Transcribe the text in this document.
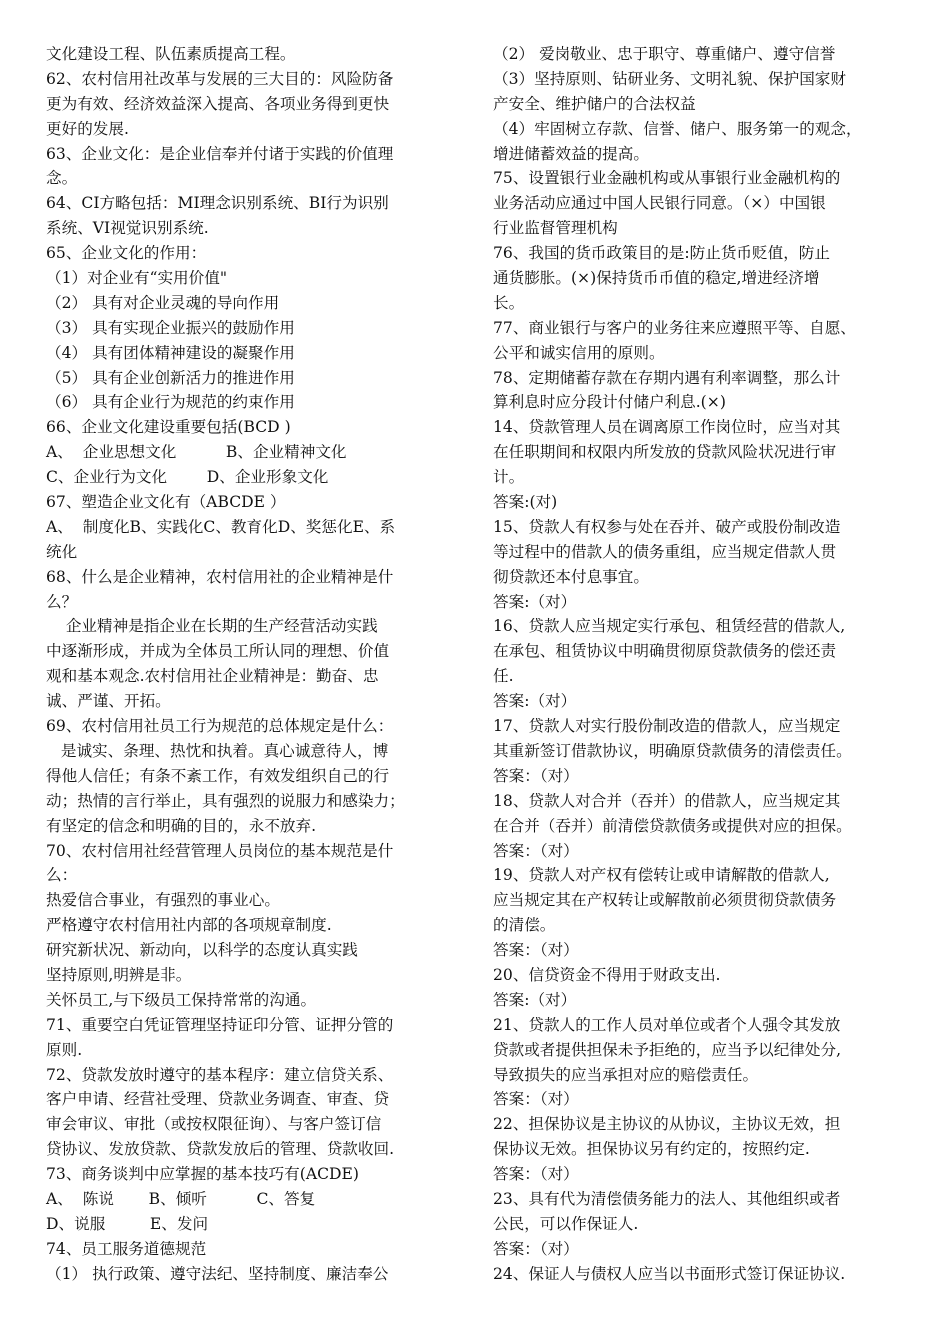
文化建设工程、队伍素质提高工程。
62、农村信用社改革与发展的三大目的：风险防备
更为有效、经济效益深入提高、各项业务得到更快
更好的发展.
63、企业文化：是企业信奉并付诸于实践的价值理
念。
64、CI方略包括：MI理念识别系统、BI行为识别
系统、VI视觉识别系统.
65、企业文化的作用：
（1）对企业有“实用价值"
（2） 具有对企业灵魂的导向作用
（3） 具有实现企业振兴的鼓励作用
（4） 具有团体精神建设的凝聚作用
（5） 具有企业创新活力的推进作用
（6） 具有企业行为规范的约束作用
66、企业文化建设重要包括(BCD )
A、  企业思想文化          B、企业精神文化
C、企业行为文化        D、企业形象文化
67、塑造企业文化有（ABCDE ）
A、  制度化B、实践化C、教育化D、奖惩化E、系
统化
68、什么是企业精神，农村信用社的企业精神是什
么？
企业精神是指企业在长期的生产经营活动实践
中逐渐形成，并成为全体员工所认同的理想、价值
观和基本观念.农村信用社企业精神是：勤奋、忠
诚、严谨、开拓。
69、农村信用社员工行为规范的总体规定是什么：
是诚实、条理、热忱和执着。真心诚意待人，博
得他人信任；有条不紊工作，有效发组织自己的行
动；热情的言行举止，具有强烈的说服力和感染力；
有坚定的信念和明确的目的，永不放弃.
70、农村信用社经营管理人员岗位的基本规范是什
么：
热爱信合事业，有强烈的事业心。
严格遵守农村信用社内部的各项规章制度.
研究新状况、新动向，以科学的态度认真实践
坚持原则,明辨是非。
关怀员工,与下级员工保持常常的沟通。
71、重要空白凭证管理坚持证印分管、证押分管的
原则.
72、贷款发放时遵守的基本程序：建立信贷关系、
客户申请、经营社受理、贷款业务调查、审查、贷
审会审议、审批（或按权限征询）、与客户签订信
贷协议、发放贷款、贷款发放后的管理、贷款收回.
73、商务谈判中应掌握的基本技巧有(ACDE)
A、  陈说       B、倾听          C、答复
D、说服         E、发问
74、员工服务道德规范
（1） 执行政策、遵守法纪、坚持制度、廉洁奉公
（2） 爱岗敬业、忠于职守、尊重储户、遵守信誉
（3）坚持原则、钻研业务、文明礼貌、保护国家财
产安全、维护储户的合法权益
（4）牢固树立存款、信誉、储户、服务第一的观念，
增进储蓄效益的提高。
75、设置银行业金融机构或从事银行业金融机构的
业务活动应通过中国人民银行同意。（×）中国银
行业监督管理机构
76、我国的货币政策目的是:防止货币贬值，防止
通货膨胀。(×)保持货币币值的稳定,增进经济增
长。
77、商业银行与客户的业务往来应遵照平等、自愿、
公平和诚实信用的原则。
78、定期储蓄存款在存期内遇有利率调整，那么计
算利息时应分段计付储户利息.(×)
14、贷款管理人员在调离原工作岗位时，应当对其
在任职期间和权限内所发放的贷款风险状况进行审
计。
答案:(对)
15、贷款人有权参与处在吞并、破产或股份制改造
等过程中的借款人的债务重组，应当规定借款人贯
彻贷款还本付息事宜。
答案:（对）
16、贷款人应当规定实行承包、租赁经营的借款人,
在承包、租赁协议中明确贯彻原贷款债务的偿还责
任.
答案:（对）
17、贷款人对实行股份制改造的借款人，应当规定
其重新签订借款协议，明确原贷款债务的清偿责任。
答案：（对）
18、贷款人对合并（吞并）的借款人，应当规定其
在合并（吞并）前清偿贷款债务或提供对应的担保。
答案：（对）
19、贷款人对产权有偿转让或申请解散的借款人,
应当规定其在产权转让或解散前必须贯彻贷款债务
的清偿。
答案：（对）
20、信贷资金不得用于财政支出.
答案:（对）
21、贷款人的工作人员对单位或者个人强令其发放
贷款或者提供担保未予拒绝的，应当予以纪律处分,
导致损失的应当承担对应的赔偿责任。
答案：（对）
22、担保协议是主协议的从协议，主协议无效，担
保协议无效。担保协议另有约定的，按照约定.
答案：（对）
23、具有代为清偿债务能力的法人、其他组织或者
公民，可以作保证人.
答案：（对）
24、保证人与债权人应当以书面形式签订保证协议.
